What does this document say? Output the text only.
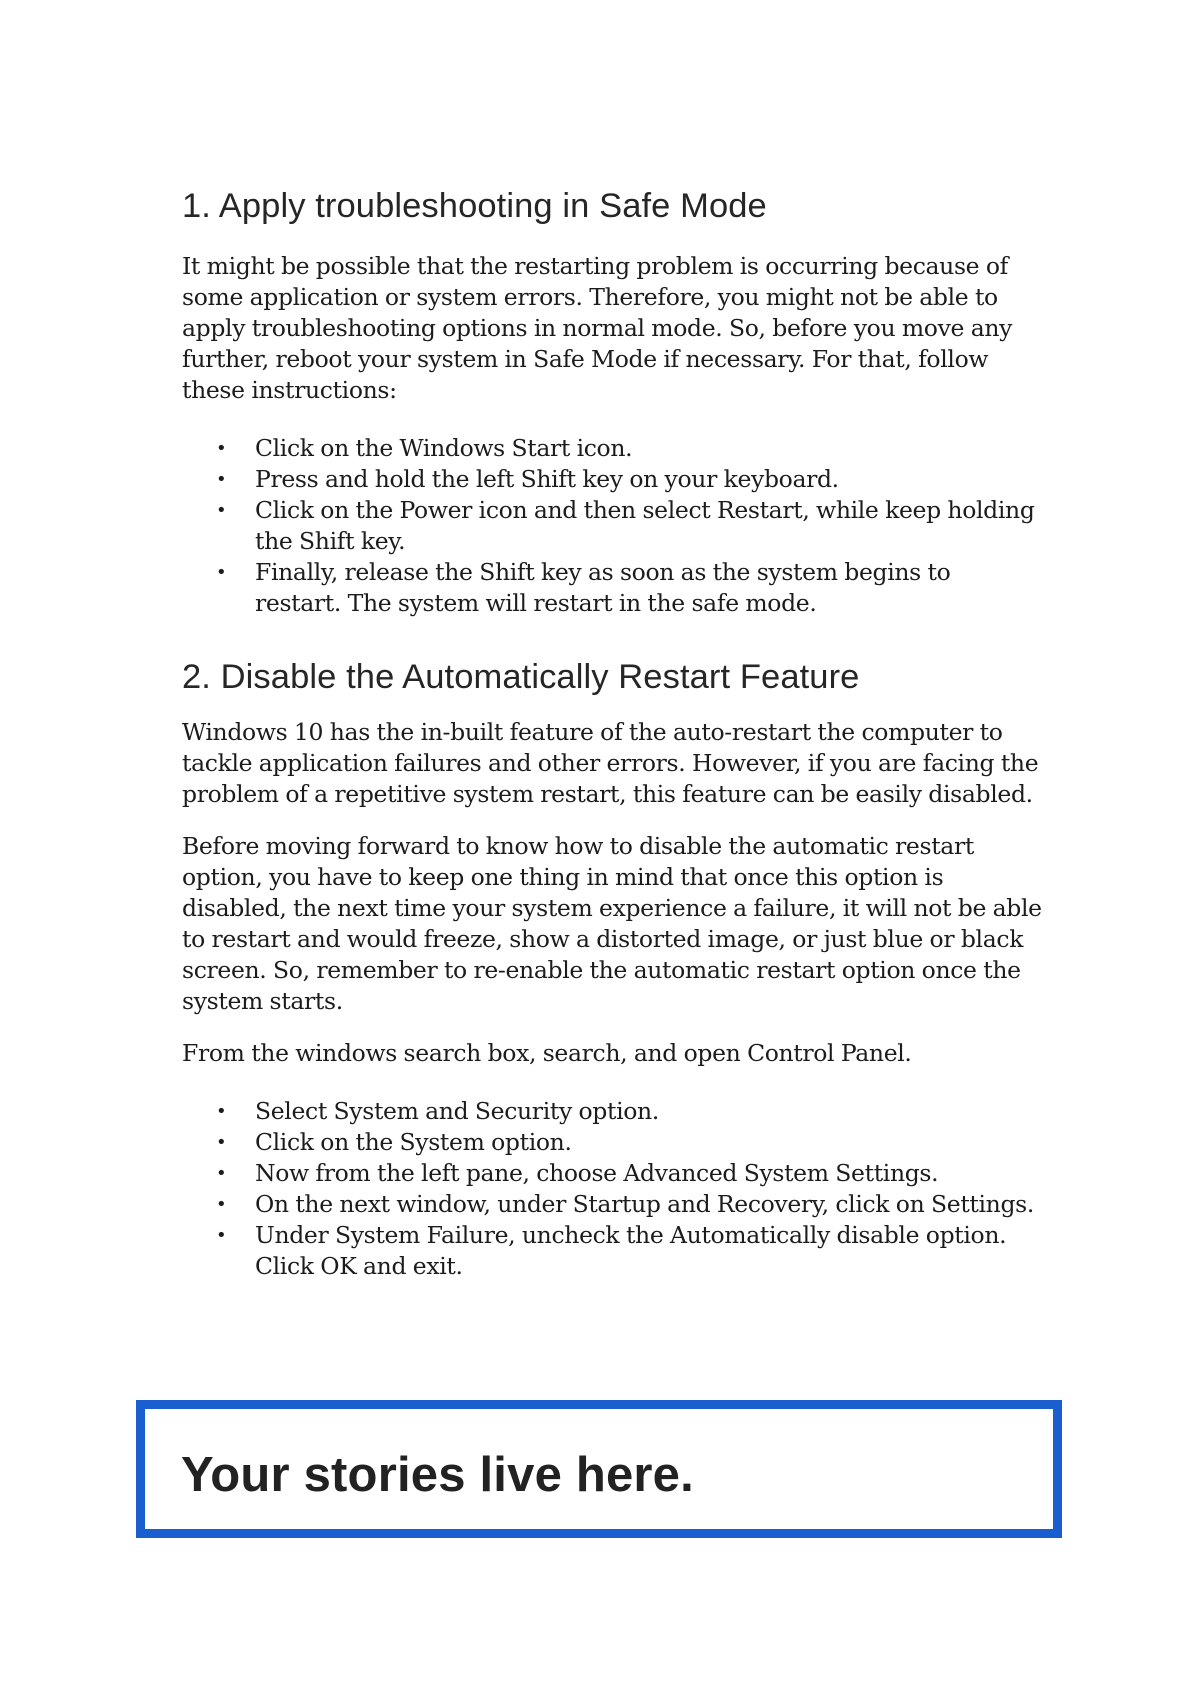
1. Apply troubleshooting in Safe Mode

It might be possible that the restarting problem is occurring because of some application or system errors. Therefore, you might not be able to apply troubleshooting options in normal mode. So, before you move any further, reboot your system in Safe Mode if necessary. For that, follow these instructions:

• Click on the Windows Start icon.
• Press and hold the left Shift key on your keyboard.
• Click on the Power icon and then select Restart, while keep holding the Shift key.
• Finally, release the Shift key as soon as the system begins to restart. The system will restart in the safe mode.
2. Disable the Automatically Restart Feature

Windows 10 has the in-built feature of the auto-restart the computer to tackle application failures and other errors. However, if you are facing the problem of a repetitive system restart, this feature can be easily disabled.

Before moving forward to know how to disable the automatic restart option, you have to keep one thing in mind that once this option is disabled, the next time your system experience a failure, it will not be able to restart and would freeze, show a distorted image, or just blue or black screen. So, remember to re-enable the automatic restart option once the system starts.

From the windows search box, search, and open Control Panel.

• Select System and Security option.
• Click on the System option.
• Now from the left pane, choose Advanced System Settings.
• On the next window, under Startup and Recovery, click on Settings.
• Under System Failure, uncheck the Automatically disable option. Click OK and exit.
Your stories live here.
